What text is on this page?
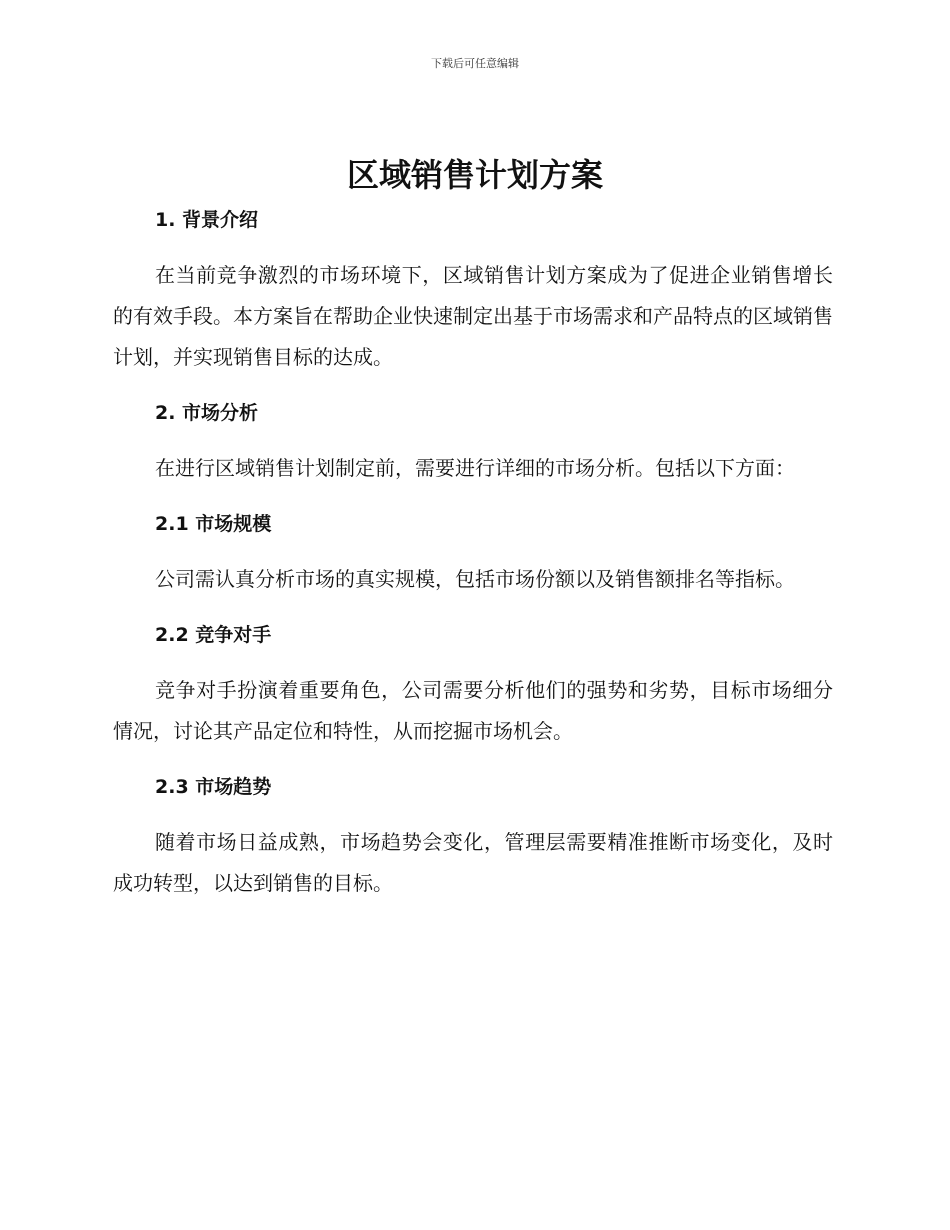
下载后可任意编辑
区域销售计划方案
1. 背景介绍

在当前竞争激烈的市场环境下，区域销售计划方案成为了促进企业销售增长的有效手段。本方案旨在帮助企业快速制定出基于市场需求和产品特点的区域销售计划，并实现销售目标的达成。

2. 市场分析

在进行区域销售计划制定前，需要进行详细的市场分析。包括以下方面：

2.1 市场规模

公司需认真分析市场的真实规模，包括市场份额以及销售额排名等指标。

2.2 竞争对手

竞争对手扮演着重要角色，公司需要分析他们的强势和劣势，目标市场细分情况，讨论其产品定位和特性，从而挖掘市场机会。

2.3 市场趋势

随着市场日益成熟，市场趋势会变化，管理层需要精准推断市场变化，及时成功转型，以达到销售的目标。
